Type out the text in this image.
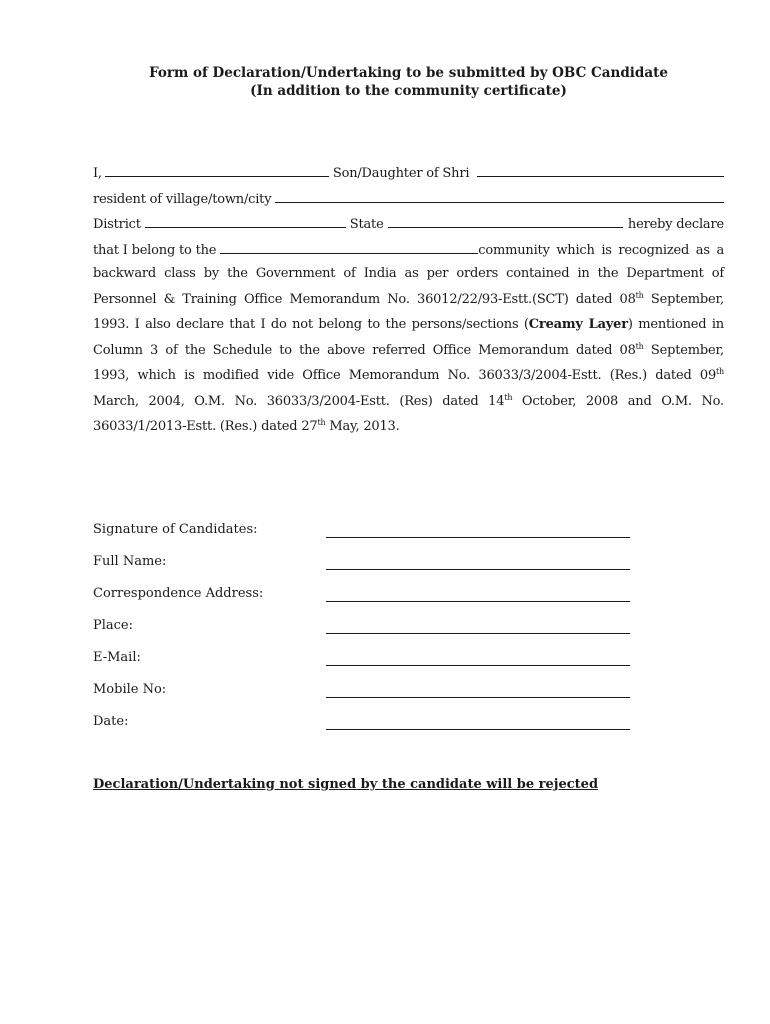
Form of Declaration/Undertaking to be submitted by OBC Candidate
(In addition to the community certificate)
I,	Son/Daughter of Shri
resident of village/town/city
District	State	hereby declare
that I belong to the	community which is recognized as a
backward class by the Government of India as per orders contained in the Department of
Personnel & Training Office Memorandum No. 36012/22/93-Estt.(SCT) dated 08th September,
1993. I also declare that I do not belong to the persons/sections (Creamy Layer) mentioned in
Column 3 of the Schedule to the above referred Office Memorandum dated 08th September,
1993, which is modified vide Office Memorandum No. 36033/3/2004-Estt. (Res.) dated 09th
March, 2004, O.M. No. 36033/3/2004-Estt. (Res) dated 14th October, 2008 and O.M. No.
36033/1/2013-Estt. (Res.) dated 27th May, 2013.
Signature of Candidates:
Full Name:
Correspondence Address:
Place:
E-Mail:
Mobile No:
Date:
Declaration/Undertaking not signed by the candidate will be rejected
